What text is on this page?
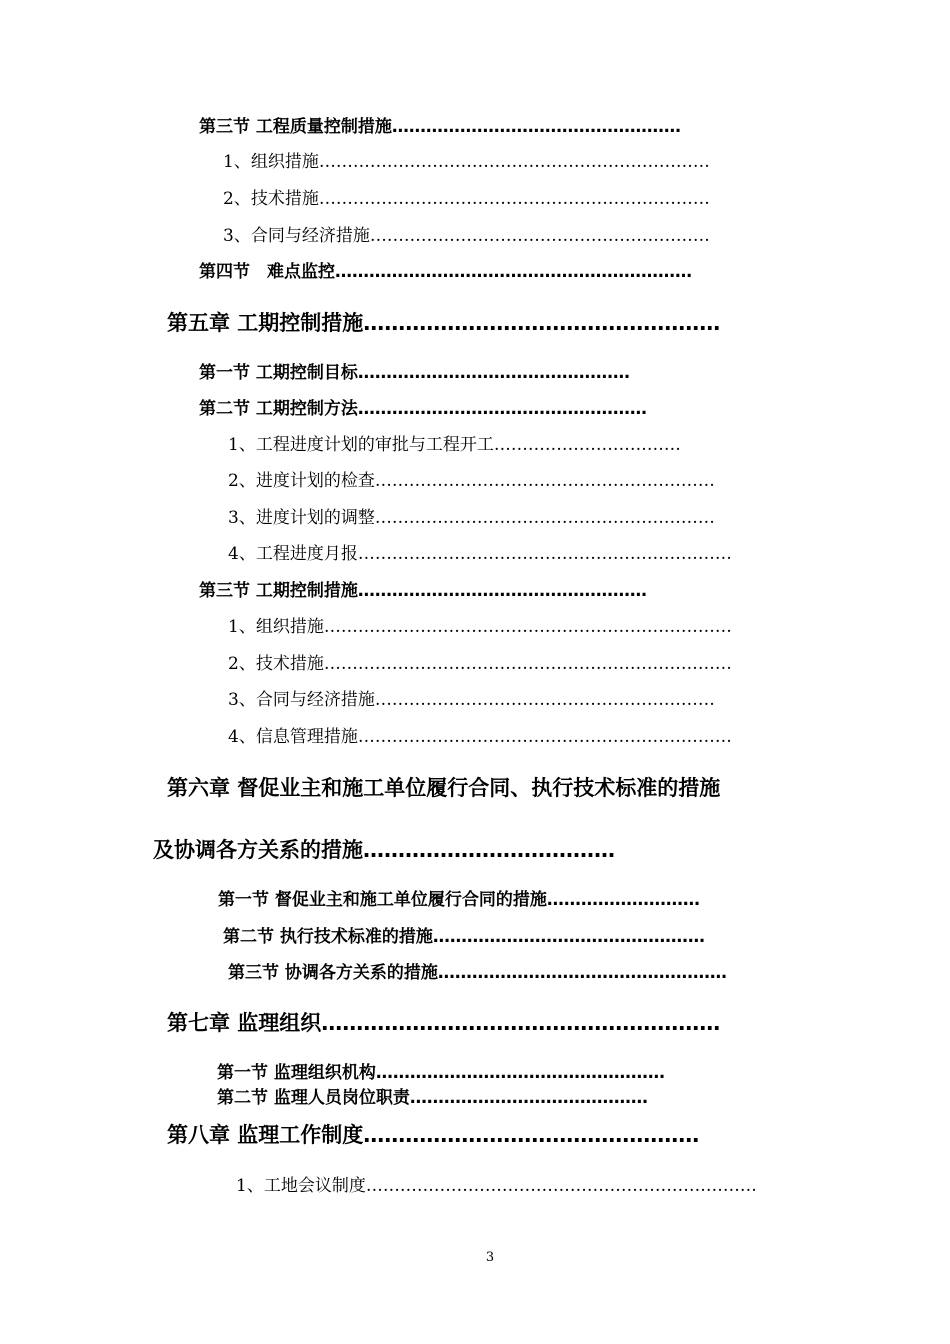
第三节 工程质量控制措施……………………………………………
1、组织措施……………………………………………………………
2、技术措施……………………………………………………………
3、合同与经济措施……………………………………………………
第四节　难点监控………………………………………………………
第五章 工期控制措施……………………………………………
第一节 工期控制目标…………………………………………
第二节 工期控制方法……………………………………………
1、工程进度计划的审批与工程开工……………………………
2、进度计划的检查……………………………………………………
3、进度计划的调整……………………………………………………
4、工程进度月报…………………………………………………………
第三节 工期控制措施……………………………………………
1、组织措施………………………………………………………………
2、技术措施………………………………………………………………
3、合同与经济措施……………………………………………………
4、信息管理措施…………………………………………………………
第六章 督促业主和施工单位履行合同、执行技术标准的措施
及协调各方关系的措施………………………………
第一节 督促业主和施工单位履行合同的措施………………………
第二节 执行技术标准的措施…………………………………………
第三节 协调各方关系的措施……………………………………………
第七章 监理组织…………………………………………………
第一节 监理组织机构……………………………………………
第二节 监理人员岗位职责……………………………………
第八章 监理工作制度…………………………………………
1、工地会议制度……………………………………………………………
3
